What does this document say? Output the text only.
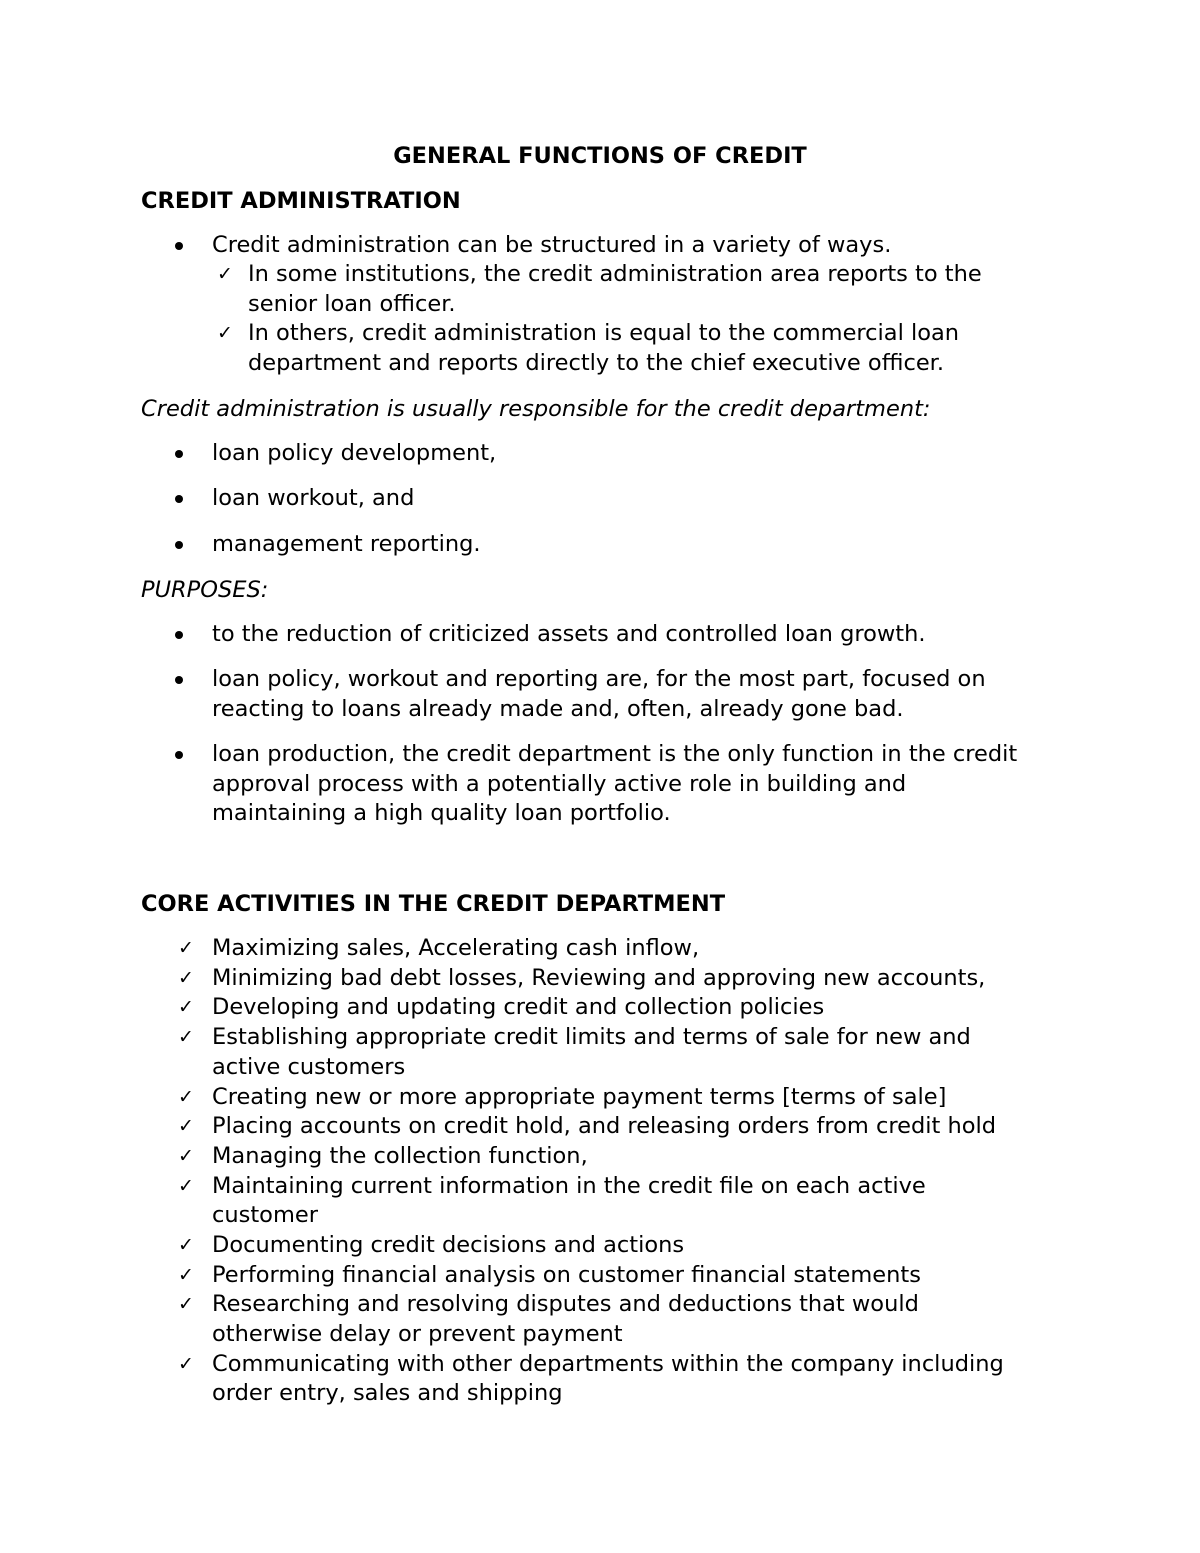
GENERAL FUNCTIONS OF CREDIT
CREDIT ADMINISTRATION
Credit administration can be structured in a variety of ways.
✓ In some institutions, the credit administration area reports to the
senior loan officer.
✓ In others, credit administration is equal to the commercial loan
department and reports directly to the chief executive officer.

Credit administration is usually responsible for the credit department:

loan policy development,
loan workout, and
management reporting.

PURPOSES:

to the reduction of criticized assets and controlled loan growth.
loan policy, workout and reporting are, for the most part, focused on
reacting to loans already made and, often, already gone bad.
loan production, the credit department is the only function in the credit
approval process with a potentially active role in building and
maintaining a high quality loan portfolio.
CORE ACTIVITIES IN THE CREDIT DEPARTMENT
✓ Maximizing sales, Accelerating cash inflow,
✓ Minimizing bad debt losses, Reviewing and approving new accounts,
✓ Developing and updating credit and collection policies
✓ Establishing appropriate credit limits and terms of sale for new and
active customers
✓ Creating new or more appropriate payment terms [terms of sale]
✓ Placing accounts on credit hold, and releasing orders from credit hold
✓ Managing the collection function,
✓ Maintaining current information in the credit file on each active
customer
✓ Documenting credit decisions and actions
✓ Performing financial analysis on customer financial statements
✓ Researching and resolving disputes and deductions that would
otherwise delay or prevent payment
✓ Communicating with other departments within the company including
order entry, sales and shipping
